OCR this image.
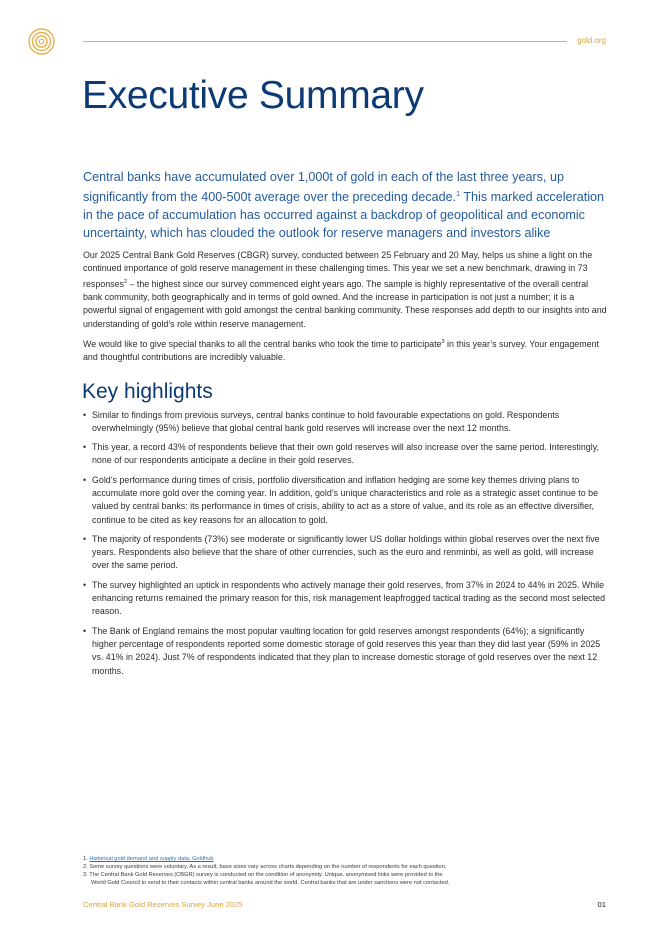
gold.org
Executive Summary

Central banks have accumulated over 1,000t of gold in each of the last three years, up significantly from the 400-500t average over the preceding decade.$^1$ This marked acceleration in the pace of accumulation has occurred against a backdrop of geopolitical and economic uncertainty, which has clouded the outlook for reserve managers and investors alike

Our 2025 Central Bank Gold Reserves (CBGR) survey, conducted between 25 February and 20 May, helps us shine a light on the continued importance of gold reserve management in these challenging times. This year we set a new benchmark, drawing in 73 responses$^2$ – the highest since our survey commenced eight years ago. The sample is highly representative of the overall central bank community, both geographically and in terms of gold owned. And the increase in participation is not just a number; it is a powerful signal of engagement with gold amongst the central banking community. These responses add depth to our insights into and understanding of gold’s role within reserve management.

We would like to give special thanks to all the central banks who took the time to participate$^3$ in this year’s survey. Your engagement and thoughtful contributions are incredibly valuable.

Key highlights
• Similar to findings from previous surveys, central banks continue to hold favourable expectations on gold. Respondents overwhelmingly (95%) believe that global central bank gold reserves will increase over the next 12 months.
• This year, a record 43% of respondents believe that their own gold reserves will also increase over the same period. Interestingly, none of our respondents anticipate a decline in their gold reserves.
• Gold’s performance during times of crisis, portfolio diversification and inflation hedging are some key themes driving plans to accumulate more gold over the coming year. In addition, gold’s unique characteristics and role as a strategic asset continue to be valued by central banks: its performance in times of crisis, ability to act as a store of value, and its role as an effective diversifier, continue to be cited as key reasons for an allocation to gold.
• The majority of respondents (73%) see moderate or significantly lower US dollar holdings within global reserves over the next five years. Respondents also believe that the share of other currencies, such as the euro and renminbi, as well as gold, will increase over the same period.
• The survey highlighted an uptick in respondents who actively manage their gold reserves, from 37% in 2024 to 44% in 2025. While enhancing returns remained the primary reason for this, risk management leapfrogged tactical trading as the second most selected reason.
• The Bank of England remains the most popular vaulting location for gold reserves amongst respondents (64%); a significantly higher percentage of respondents reported some domestic storage of gold reserves this year than they did last year (59% in 2025 vs. 41% in 2024). Just 7% of respondents indicated that they plan to increase domestic storage of gold reserves over the next 12 months.
1. Historical gold demand and supply data, Goldhub
2. Some survey questions were voluntary. As a result, base sizes vary across charts depending on the number of respondents for each question.
3. The Central Bank Gold Reserves (CBGR) survey is conducted on the condition of anonymity. Unique, anonymised links were provided to the
World Gold Council to send to their contacts within central banks around the world. Central banks that are under sanctions were not contacted.
Central Bank Gold Reserves Survey June 2025	01
